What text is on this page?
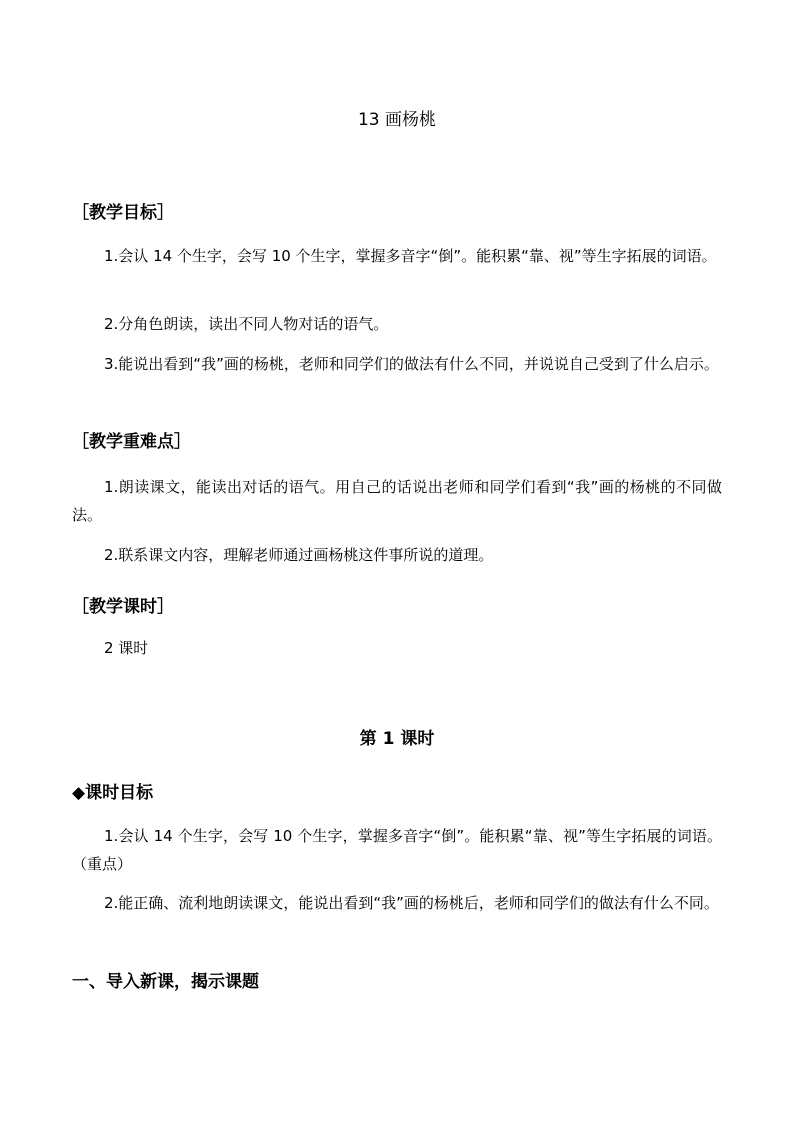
13 画杨桃
［教学目标］

1.会认 14 个生字，会写 10 个生字，掌握多音字“倒”。能积累“靠、视”等生字拓展的词语。

2.分角色朗读，读出不同人物对话的语气。

3.能说出看到“我”画的杨桃，老师和同学们的做法有什么不同，并说说自己受到了什么启示。

［教学重难点］

1.朗读课文，能读出对话的语气。用自己的话说出老师和同学们看到“我”画的杨桃的不同做法。

2.联系课文内容，理解老师通过画杨桃这件事所说的道理。

［教学课时］

2 课时

第 1 课时
◆课时目标

1.会认 14 个生字，会写 10 个生字，掌握多音字“倒”。能积累“靠、视”等生字拓展的词语。（重点）

2.能正确、流利地朗读课文，能说出看到“我”画的杨桃后，老师和同学们的做法有什么不同。

一、导入新课，揭示课题
